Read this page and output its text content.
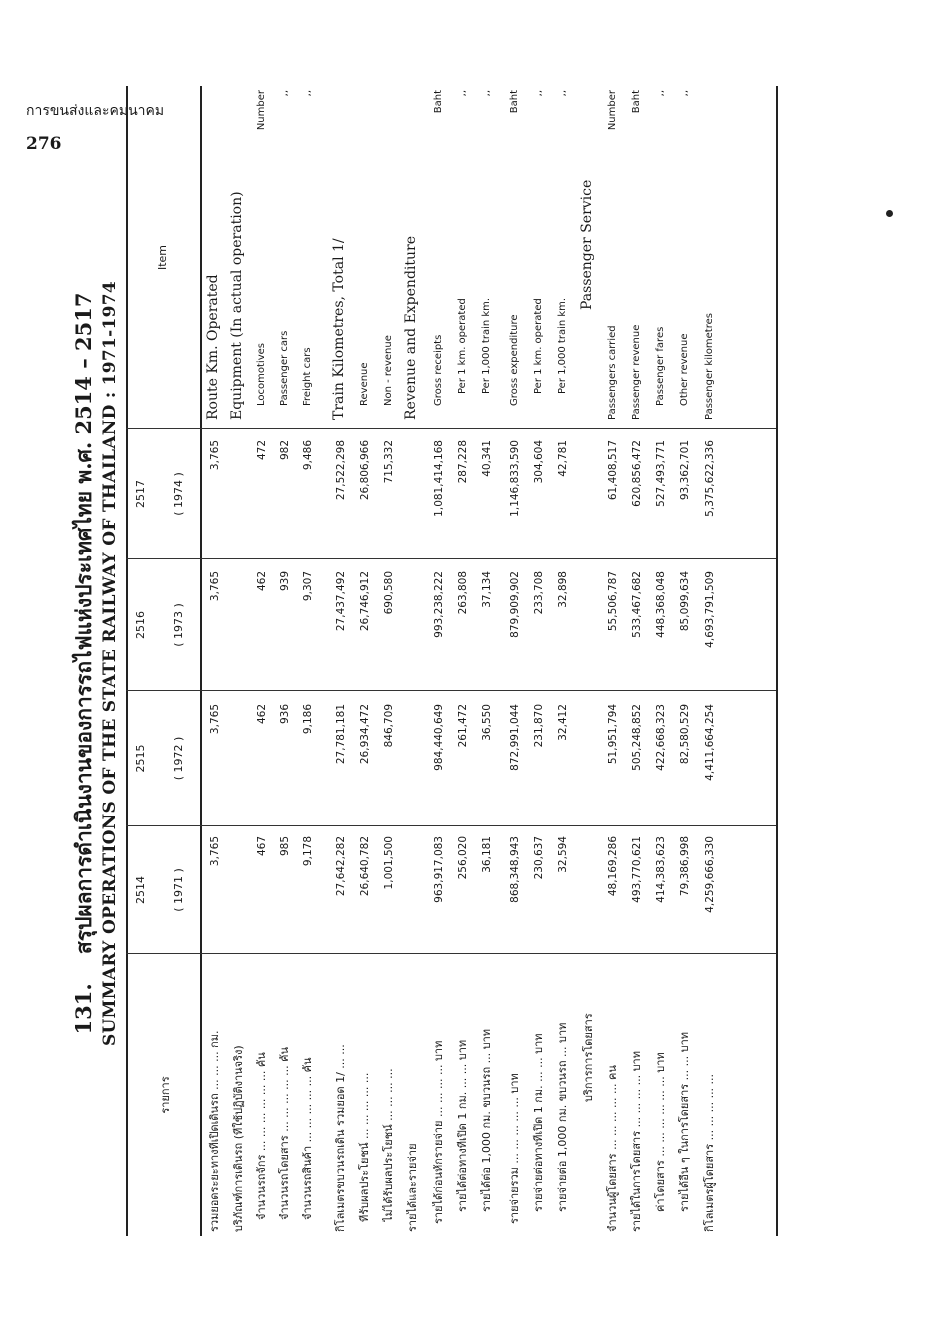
การขนส่งและคมนาคม
276
131.    สรุปผลการดำเนินงานของการรถไฟแห่งประเทศไทย พ.ศ. 2514 – 2517 SUMMARY OPERATIONS OF THE STATE RAILWAY OF THAILAND : 1971-1974
รายการ
Item
2514 ( 1971 )
2515 ( 1972 )
2516 ( 1973 )
2517 ( 1974 )
รวมยอดระยะทางที่เปิดเดินรถ ... ... ... กม.
3,765
3,765
3,765
3,765
Route Km. Operated
บริภัณฑ์การเดินรถ (ที่ใช้ปฏิบัติงานจริง)
Equipment (In actual operation)
จำนวนรถจักร ... ... ... ... ... ... คัน
467
462
462
472
Locomotives
Number
จำนวนรถโดยสาร ... ... ... ... ... คัน
985
936
939
982
Passenger cars
,,
จำนวนรถสินค้า ... ... ... ... ... คัน
9,178
9,186
9,307
9,486
Freight cars
,,
กิโลเมตรขบวนรถเดิน รวมยอด 1/ ... ...
27,642,282
27,781,181
27,437,492
27,522,298
Train Kilometres, Total 1/
ที่รับผลประโยชน์ ... ... ... ... ...
26,640,782
26,934,472
26,746,912
26,806,966
Revenue
ไม่ได้รับผลประโยชน์ ... ... ... ...
1,001,500
846,709
690,580
715,332
Non - revenue
รายได้และรายจ่าย
Revenue and Expenditure
รายได้ก่อนหักรายจ่าย ... ... ... ... บาท
963,917,083
984,440,649
993,238,222
1,081,414,168
Gross receipts
Baht
รายได้ต่อทางที่เปิด 1 กม. ... ... บาท
256,020
261,472
263,808
287,228
Per 1 km. operated
,,
รายได้ต่อ 1,000 กม. ขบวนรถ ... บาท
36,181
36,550
37,134
40,341
Per 1,000 train km.
,,
รายจ่ายรวม ... ... ... ... ... บาท
868,348,943
872,991,044
879,909,902
1,146,833,590
Gross expenditure
Baht
รายจ่ายต่อทางที่เปิด 1 กม. ... ... บาท
230,637
231,870
233,708
304,604
Per 1 km. operated
,,
รายจ่ายต่อ 1,000 กม. ขบวนรถ ... บาท
32,594
32,412
32,898
42,781
Per 1,000 train km.
,,
บริการการโดยสาร
Passenger Service
จำนวนผู้โดยสาร ... ... ... ... ... คน
48,169,286
51,951,794
55,506,787
61,408,517
Passengers carried
Number
รายได้ในการโดยสาร ... ... ... ... บาท
493,770,621
505,248,852
533,467,682
620,856,472
Passenger revenue
Baht
ค่าโดยสาร ... ... ... ... ... ... บาท
414,383,623
422,668,323
448,368,048
527,493,771
Passenger fares
,,
รายได้อื่น ๆ ในการโดยสาร ... ... บาท
79,386,998
82,580,529
85,099,634
93,362,701
Other revenue
,,
กิโลเมตรผู้โดยสาร ... ... ... ... ...
4,259,666,330
4,411,664,254
4,693,791,509
5,375,622,336
Passenger kilometres
